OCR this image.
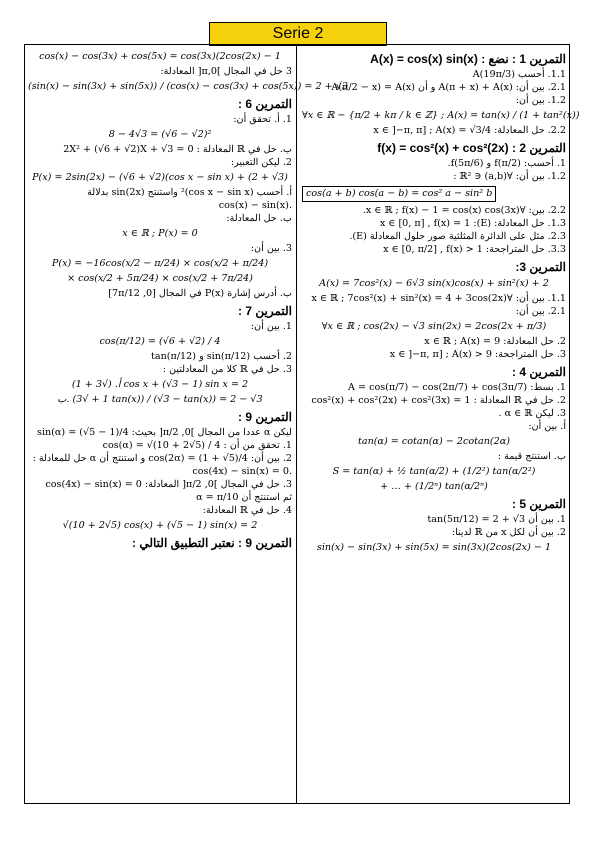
Serie 2
التمرين 1 : نضع : A(x) = cos(x) sin(x)
1.1. أحسب A(19π/3)
2.1. بين أن: A(π + x) + A(x) و أن A(π/2 − x) = A(x)
1.2. بين أن:
∀x ∈ ℝ − {π/2 + kπ / k ∈ ℤ} ; A(x) = tan(x) / (1 + tan²(x))
2.2. حل المعادلة: x ∈ ]−π, π] ; A(x) = √3/4
التمرين 2 : f(x) = cos²(x) + cos²(2x)
1. أحسب: f(π/2) و f(5π/6).
1.2. بين أن: ∀(a,b) ∈ ℝ² :
cos(a + b) cos(a − b) = cos² a − sin² b
2.2. بين: ∀x ∈ ℝ ; f(x) − 1 = cos(x) cos(3x).
1.3. حل المعادلة: (E): x ∈ [0, π] , f(x) = 1
2.3. مثل على الدائرة المثلثية صور حلول المعادلة (E).
3.3. حل المتراجحة: x ∈ [0, π/2] , f(x) > 1
التمرين 3:
A(x) = 7cos²(x) − 6√3 sin(x)cos(x) + sin²(x) + 2
1.1. بين أن: ∀x ∈ ℝ ; 7cos²(x) + sin²(x) = 4 + 3cos(2x)
2.1. بين أن:
∀x ∈ ℝ ; cos(2x) − √3 sin(2x) = 2cos(2x + π/3)
2. حل المعادلة: x ∈ ℝ ; A(x) = 9
3. حل المتراجحة: x ∈ ]−π, π] ; A(x) > 9
التمرين 4 :
1. بسط: A = cos(π/7) − cos(2π/7) + cos(3π/7)
2. حل في ℝ المعادلة : cos²(x) + cos²(2x) + cos²(3x) = 1
3. ليكن α ∈ ℝ .
أ. بين أن:
tan(α) = cotan(α) − 2cotan(2α)
ب. استنتج قيمة :
S = tan(α) + ½ tan(α/2) + (1/2²) tan(α/2²)
+ … + (1/2ⁿ) tan(α/2ⁿ)
التمرين 5 :
1. بين أن tan(5π/12) = 2 + √3
2. بين أن لكل x من ℝ لدينا:
sin(x) − sin(3x) + sin(5x) = sin(3x)(2cos(2x) − 1
cos(x) − cos(3x) + cos(5x) = cos(3x)(2cos(2x) − 1
3 حل في المجال ]0,π[ المعادلة:
(sin(x) − sin(3x) + sin(5x)) / (cos(x) − cos(3x) + cos(5x)) = 2 + √3
التمرين 6 :
1. أ. تحقق أن:
8 − 4√3 = (√6 − √2)²
ب. حل في ℝ المعادلة : 2X² + (√6 + √2)X + √3 = 0
2. ليكن التعبير:
P(x) = 2sin(2x) − (√6 + √2)(cos x − sin x) + (2 + √3)
أ. أحسب (cos x − sin x)² واستنتج sin(2x) بدلالة
.cos(x) − sin(x)
ب. حل المعادلة:
x ∈ ℝ ; P(x) = 0
3. بين أن:
P(x) = −16cos(x/2 − π/24) × cos(x/2 + π/24)
× cos(x/2 + 5π/24) × cos(x/2 + 7π/24)
ب. أدرس إشارة P(x) في المجال [0, 7π/12]
التمرين 7 :
1. بين أن:
cos(π/12) = (√6 + √2) / 4
2. أحسب sin(π/12) و tan(π/12)
3. حل في ℝ كلا من المعادلتين :
أ. (√3 + 1) cos x + (√3 − 1) sin x = 2
ب. (1 + √3 tan(x)) / (√3 − tan(x)) = 2 − √3
التمرين 9 :
ليكن α عددا من المجال ]0, π/2[ بحيث: sin(α) = (√5 − 1)/4
1. تحقق من أن : cos(α) = √(10 + 2√5) / 4
2. بين أن: cos(2α) = (1 + √5)/4 و استنتج أن α حل للمعادلة :
.cos(4x) − sin(x) = 0
3. حل في المجال ]0, π/2[ المعادلة: cos(4x) − sin(x) = 0
ثم استنتج أن α = π/10
4. حل في ℝ المعادلة:
√(10 + 2√5) cos(x) + (√5 − 1) sin(x) = 2
التمرين 9 : نعتبر التطبيق التالي :
